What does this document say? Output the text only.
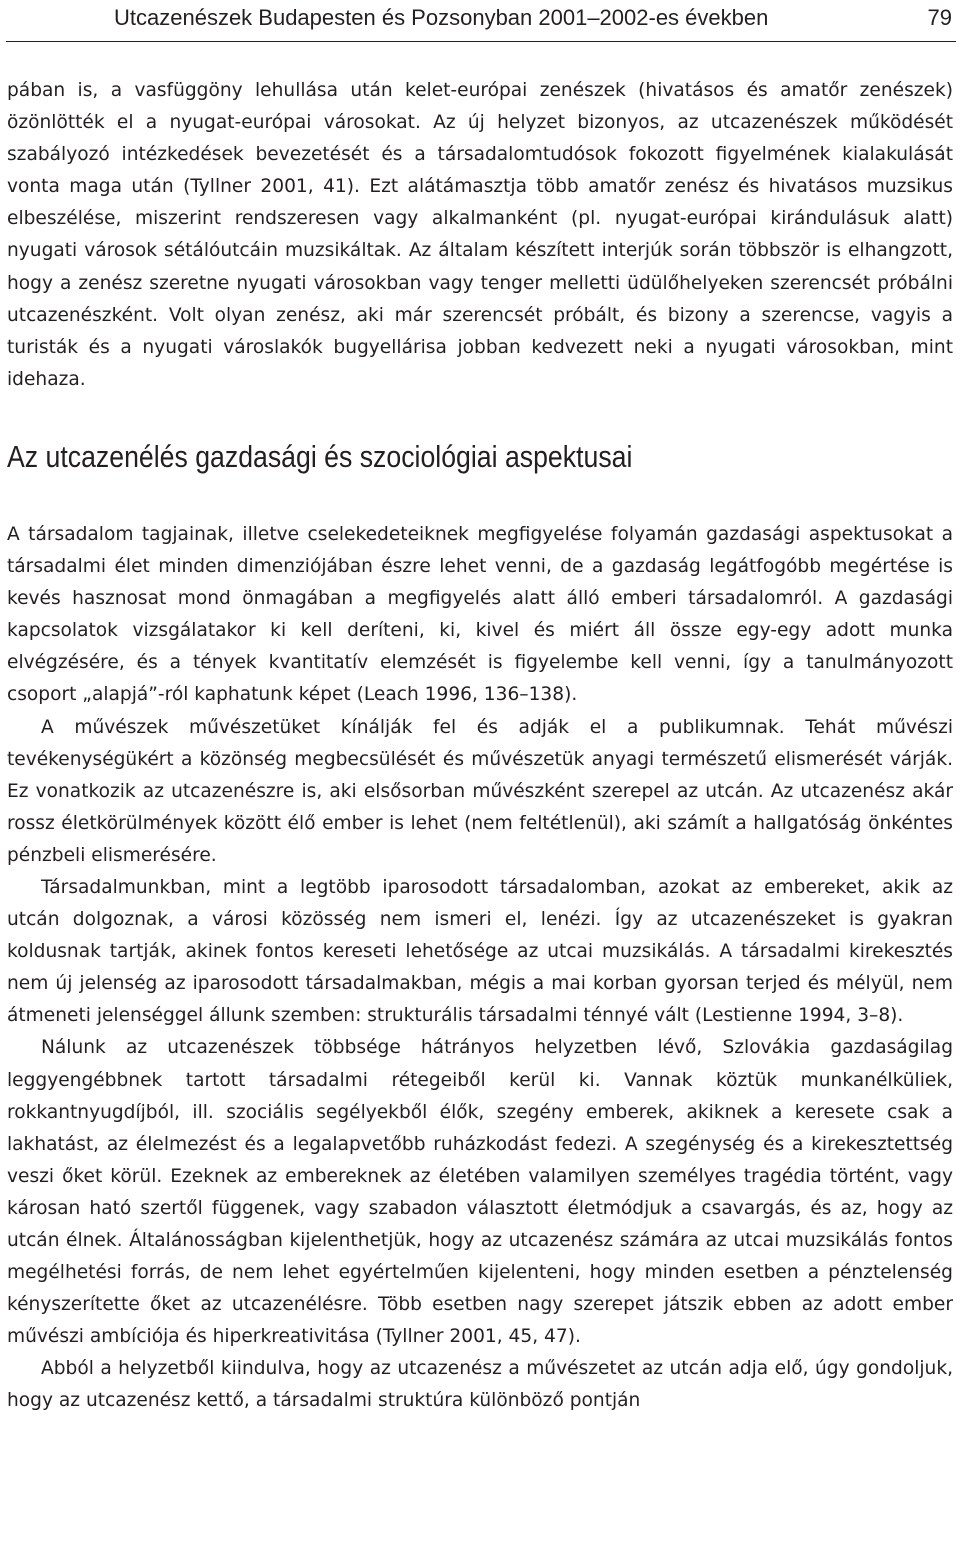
Utcazenészek Budapesten és Pozsonyban 2001–2002-es években	79

pában is, a vasfüggöny lehullása után kelet-európai zenészek (hivatásos és amatőr zenészek) özönlötték el a nyugat-európai városokat. Az új helyzet bizonyos, az utcazenészek működését szabályozó intézkedések bevezetését és a társadalomtudósok fokozott figyelmének kialakulását vonta maga után (Tyllner 2001, 41). Ezt alátámasztja több amatőr zenész és hivatásos muzsikus elbeszélése, miszerint rendszeresen vagy alkalmanként (pl. nyugat-európai kirándulásuk alatt) nyugati városok sétálóutcáin muzsikáltak. Az általam készített interjúk során többször is elhangzott, hogy a zenész szeretne nyugati városokban vagy tenger melletti üdülőhelyeken szerencsét próbálni utcazenészként. Volt olyan zenész, aki már szerencsét próbált, és bizony a szerencse, vagyis a turisták és a nyugati városlakók bugyellárisa jobban kedvezett neki a nyugati városokban, mint idehaza.

Az utcazenélés gazdasági és szociológiai aspektusai

A társadalom tagjainak, illetve cselekedeteiknek megfigyelése folyamán gazdasági aspektusokat a társadalmi élet minden dimenziójában észre lehet venni, de a gazdaság legátfogóbb megértése is kevés hasznosat mond önmagában a megfigyelés alatt álló emberi társadalomról. A gazdasági kapcsolatok vizsgálatakor ki kell deríteni, ki, kivel és miért áll össze egy-egy adott munka elvégzésére, és a tények kvantitatív elemzését is figyelembe kell venni, így a tanulmányozott csoport „alapjá”-ról kaphatunk képet (Leach 1996, 136–138).

A művészek művészetüket kínálják fel és adják el a publikumnak. Tehát művészi tevékenységükért a közönség megbecsülését és művészetük anyagi természetű elismerését várják. Ez vonatkozik az utcazenészre is, aki elsősorban művészként szerepel az utcán. Az utcazenész akár rossz életkörülmények között élő ember is lehet (nem feltétlenül), aki számít a hallgatóság önkéntes pénzbeli elismerésére.

Társadalmunkban, mint a legtöbb iparosodott társadalomban, azokat az embereket, akik az utcán dolgoznak, a városi közösség nem ismeri el, lenézi. Így az utcazenészeket is gyakran koldusnak tartják, akinek fontos kereseti lehetősége az utcai muzsikálás. A társadalmi kirekesztés nem új jelenség az iparosodott társadalmakban, mégis a mai korban gyorsan terjed és mélyül, nem átmeneti jelenséggel állunk szemben: strukturális társadalmi ténnyé vált (Lestienne 1994, 3–8).

Nálunk az utcazenészek többsége hátrányos helyzetben lévő, Szlovákia gazdaságilag leggyengébbnek tartott társadalmi rétegeiből kerül ki. Vannak köztük munkanélküliek, rokkantnyugdíjból, ill. szociális segélyekből élők, szegény emberek, akiknek a keresete csak a lakhatást, az élelmezést és a legalapvetőbb ruházkodást fedezi. A szegénység és a kirekesztettség veszi őket körül. Ezeknek az embereknek az életében valamilyen személyes tragédia történt, vagy károsan ható szertől függenek, vagy szabadon választott életmódjuk a csavargás, és az, hogy az utcán élnek. Általánosságban kijelenthetjük, hogy az utcazenész számára az utcai muzsikálás fontos megélhetési forrás, de nem lehet egyértelműen kijelenteni, hogy minden esetben a pénztelenség kényszerítette őket az utcazenélésre. Több esetben nagy szerepet játszik ebben az adott ember művészi ambíciója és hiperkreativitása (Tyllner 2001, 45, 47).

Abból a helyzetből kiindulva, hogy az utcazenész a művészetet az utcán adja elő, úgy gondoljuk, hogy az utcazenész kettő, a társadalmi struktúra különböző pontján
